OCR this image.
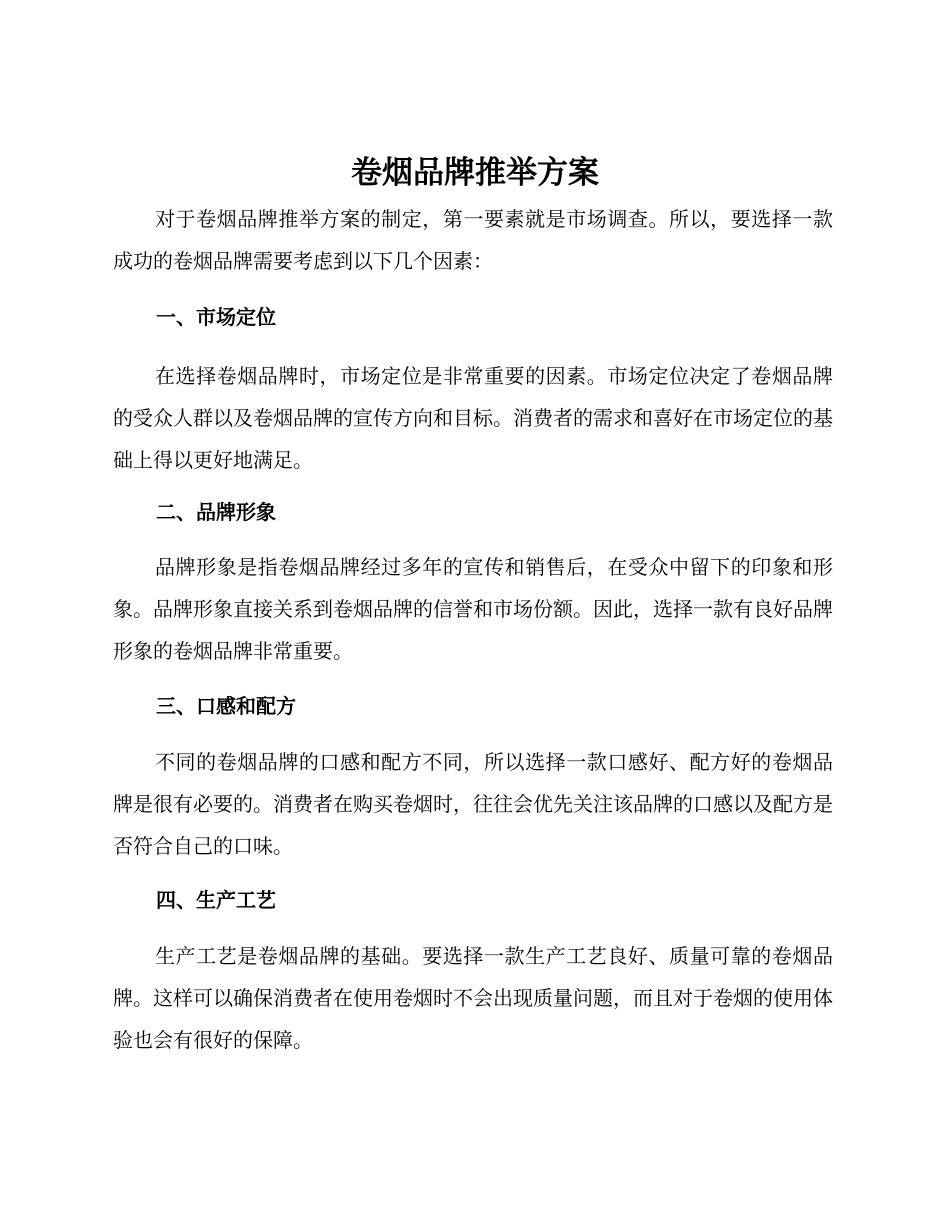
卷烟品牌推举方案

对于卷烟品牌推举方案的制定，第一要素就是市场调查。所以，要选择一款成功的卷烟品牌需要考虑到以下几个因素：

一、市场定位

在选择卷烟品牌时，市场定位是非常重要的因素。市场定位决定了卷烟品牌的受众人群以及卷烟品牌的宣传方向和目标。消费者的需求和喜好在市场定位的基础上得以更好地满足。

二、品牌形象

品牌形象是指卷烟品牌经过多年的宣传和销售后，在受众中留下的印象和形象。品牌形象直接关系到卷烟品牌的信誉和市场份额。因此，选择一款有良好品牌形象的卷烟品牌非常重要。

三、口感和配方

不同的卷烟品牌的口感和配方不同，所以选择一款口感好、配方好的卷烟品牌是很有必要的。消费者在购买卷烟时，往往会优先关注该品牌的口感以及配方是否符合自己的口味。

四、生产工艺

生产工艺是卷烟品牌的基础。要选择一款生产工艺良好、质量可靠的卷烟品牌。这样可以确保消费者在使用卷烟时不会出现质量问题，而且对于卷烟的使用体验也会有很好的保障。
